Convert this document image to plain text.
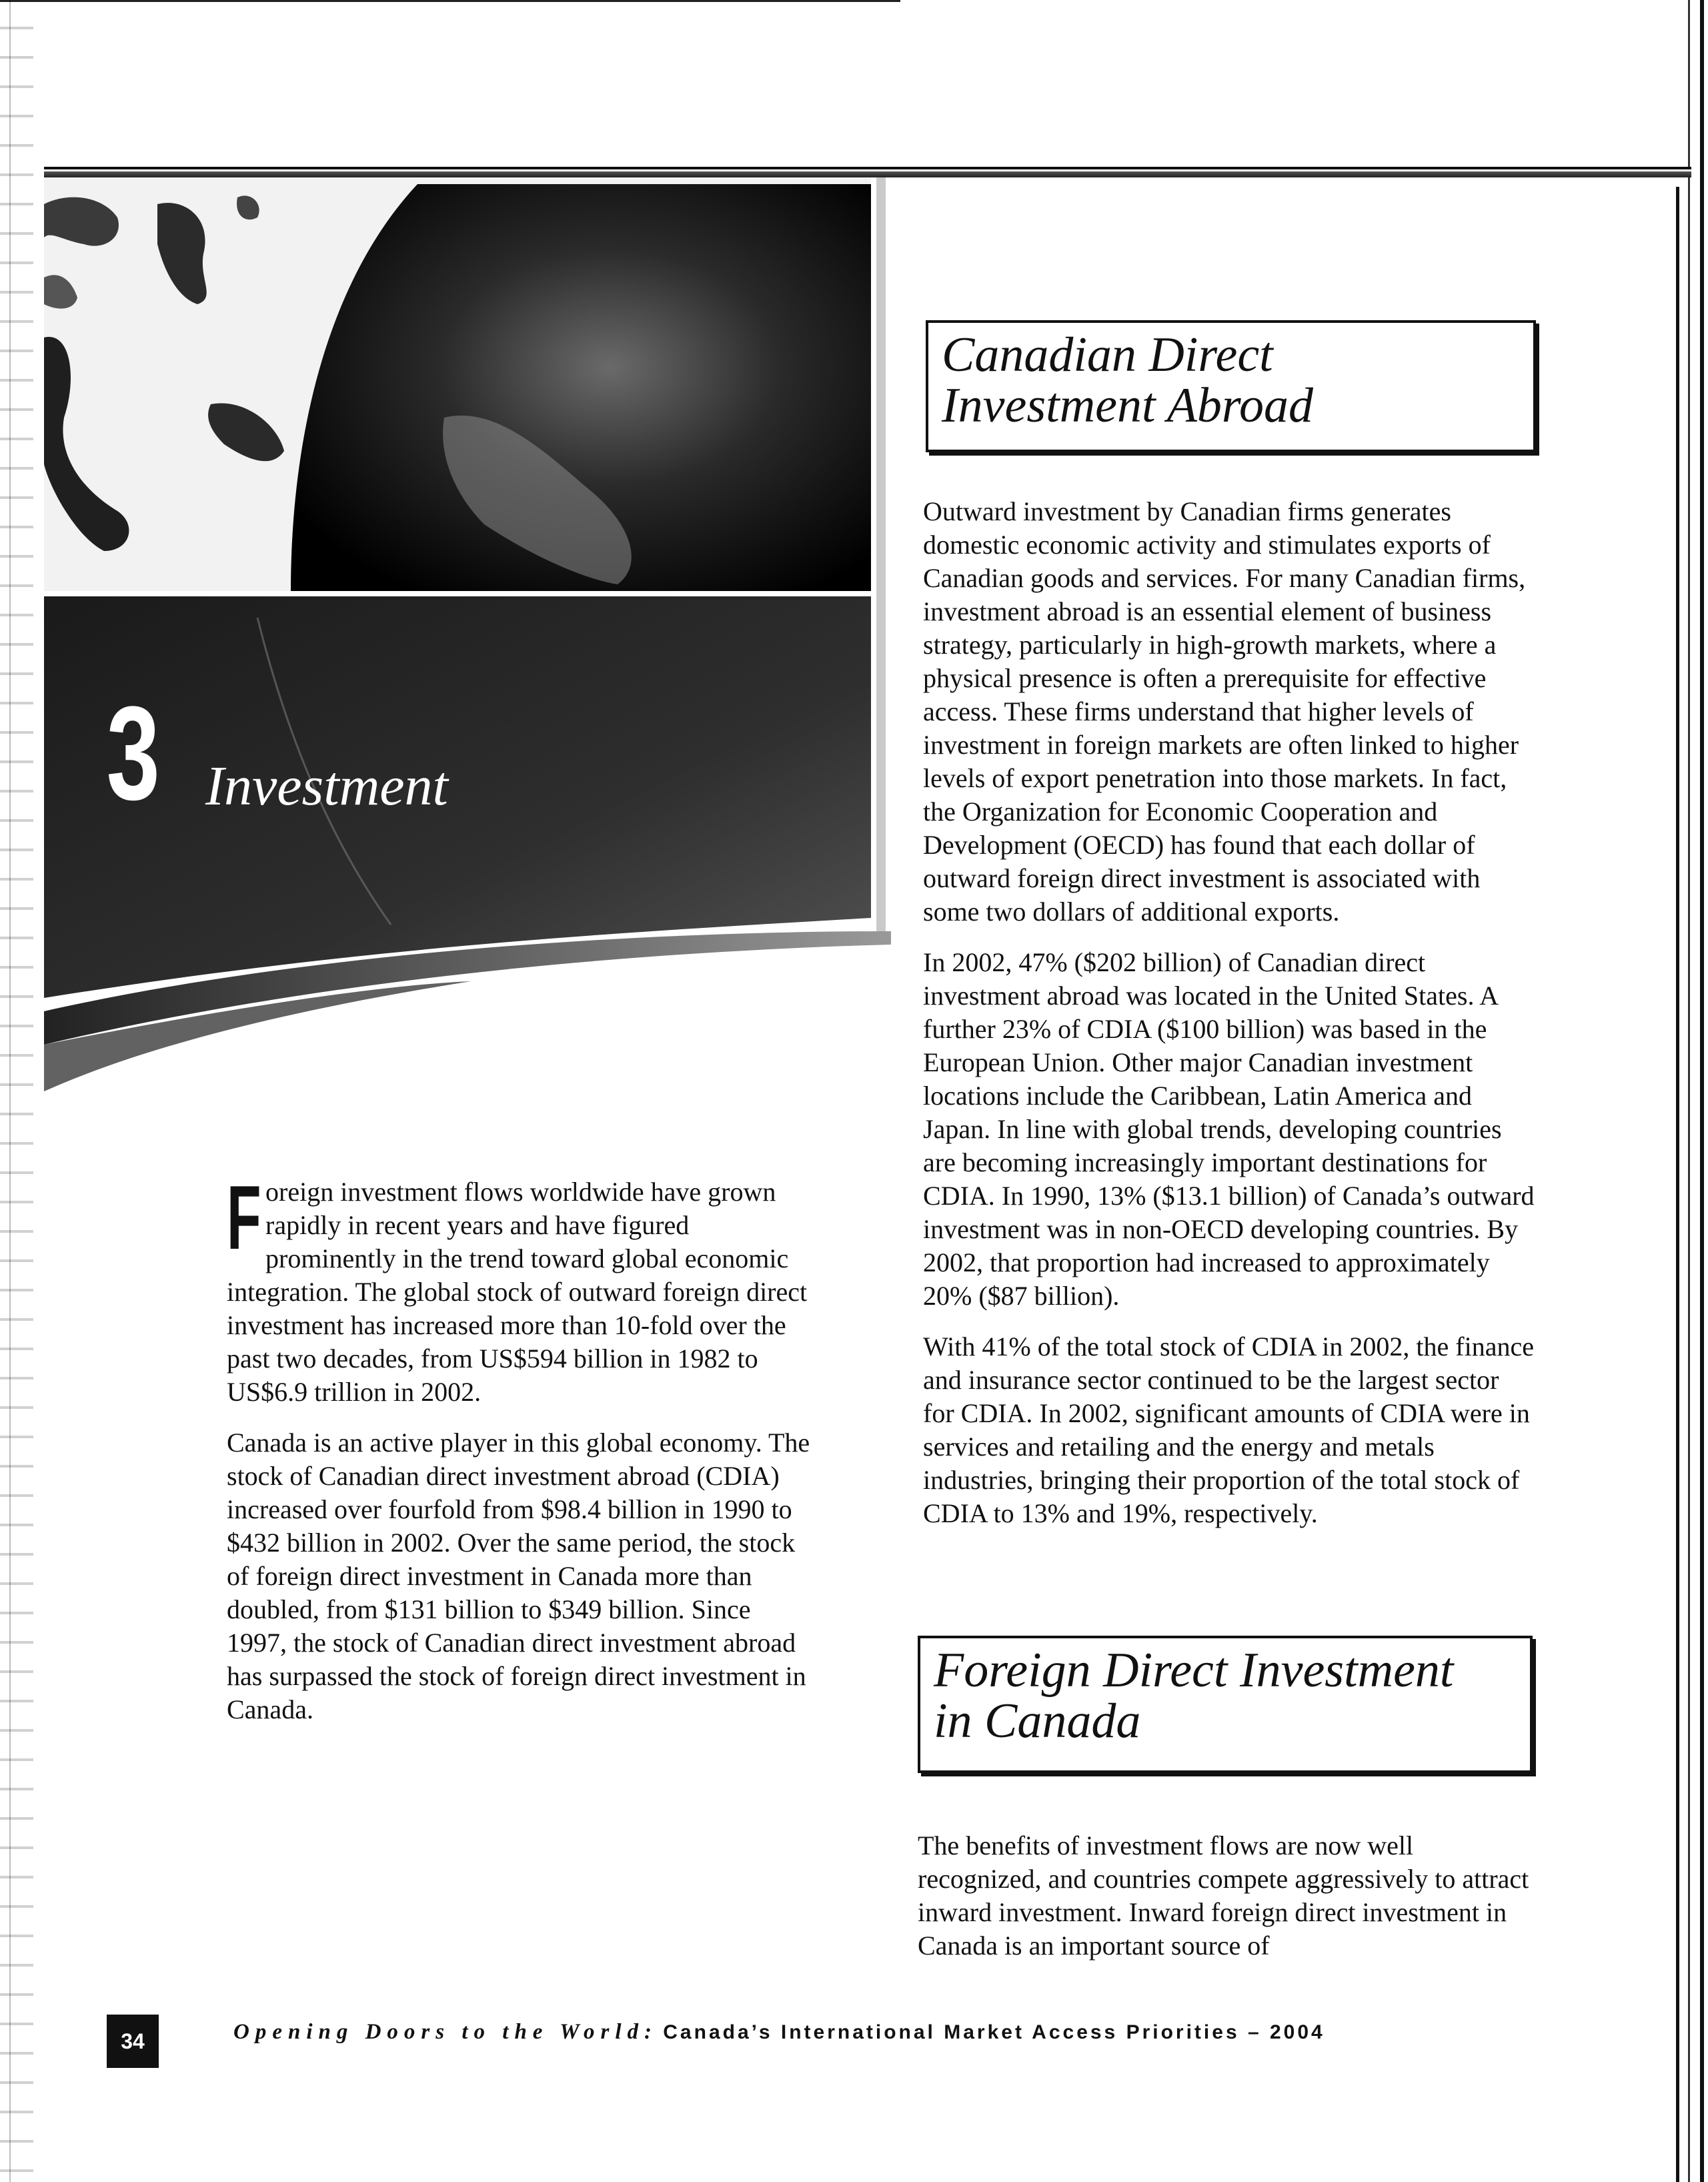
3 Investment

Foreign investment flows worldwide have grown rapidly in recent years and have figured prominently in the trend toward global economic integration. The global stock of outward foreign direct investment has increased more than 10-fold over the past two decades, from US$594 billion in 1982 to US$6.9 trillion in 2002.

Canada is an active player in this global economy. The stock of Canadian direct investment abroad (CDIA) increased over fourfold from $98.4 billion in 1990 to $432 billion in 2002. Over the same period, the stock of foreign direct investment in Canada more than doubled, from $131 billion to $349 billion. Since 1997, the stock of Canadian direct investment abroad has surpassed the stock of foreign direct investment in Canada.

Canadian Direct
Investment Abroad

Outward investment by Canadian firms generates domestic economic activity and stimulates exports of Canadian goods and services. For many Canadian firms, investment abroad is an essential element of business strategy, particularly in high-growth markets, where a physical presence is often a prerequisite for effective access. These firms understand that higher levels of investment in foreign markets are often linked to higher levels of export penetration into those markets. In fact, the Organization for Economic Cooperation and Development (OECD) has found that each dollar of outward foreign direct investment is associated with some two dollars of additional exports.

In 2002, 47% ($202 billion) of Canadian direct investment abroad was located in the United States. A further 23% of CDIA ($100 billion) was based in the European Union. Other major Canadian investment locations include the Caribbean, Latin America and Japan. In line with global trends, developing countries are becoming increasingly important destinations for CDIA. In 1990, 13% ($13.1 billion) of Canada’s outward investment was in non-OECD developing countries. By 2002, that proportion had increased to approximately 20% ($87 billion).

With 41% of the total stock of CDIA in 2002, the finance and insurance sector continued to be the largest sector for CDIA. In 2002, significant amounts of CDIA were in services and retailing and the energy and metals industries, bringing their proportion of the total stock of CDIA to 13% and 19%, respectively.

Foreign Direct Investment
in Canada

The benefits of investment flows are now well recognized, and countries compete aggressively to attract inward investment. Inward foreign direct investment in Canada is an important source of

34	Opening Doors to the World: Canada’s International Market Access Priorities – 2004
